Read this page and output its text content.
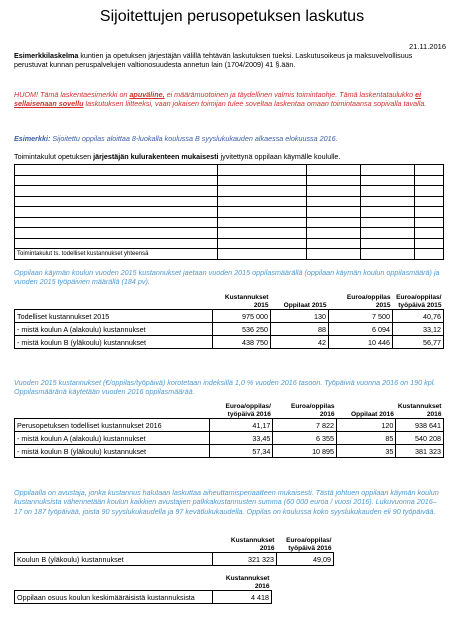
Sijoitettujen perusopetuksen laskutus
21.11.2016

Esimerkkilaskelma kuntien ja opetuksen järjestäjän välillä tehtävän laskutuksen tueksi. Laskutusoikeus ja maksuvelvollisuus perustuvat kunnan peruspalvelujen valtionosuudesta annetun lain (1704/2009) 41 §.ään.

HUOM! Tämä laskentaesimerkki on apuväline, ei määrämuotoinen ja täydellinen valmis toimintaohje. Tämä laskentataulukko ei sellaisenaan sovellu laskutuksen liitteeksi, vaan jokaisen toimijan tulee soveltaa laskentaa omaan toimintaansa sopivalla tavalla.

Esimerkki: Sijoitettu oppilas aloittaa 8-luokalla koulussa B syyslukukauden alkaessa elokuussa 2016.

Toimintakulut opetuksen järjestäjän kulurakenteen mukaisesti jyvitettynä oppilaan käymälle koululle.

Toimintakulut ts. todelliset kustannukset yhteensä				

Oppilaan käymän koulun vuoden 2015 kustannukset jaetaan vuoden 2015 oppilasmäärällä (oppilaan käymän koulun oppilasmäärä) ja vuoden 2015 työpäivien määrällä (184 pv).

	Kustannukset 2015	Oppilaat 2015	Euroa/oppilas 2015	Euroa/oppilas/ työpäivä 2015
Todelliset kustannukset 2015	975 000	130	7 500	40,76
- mistä koulun A (alakoulu) kustannukset	536 250	88	6 094	33,12
- mistä koulun B (yläkoulu) kustannukset	438 750	42	10 446	56,77

Vuoden 2015 kustannukset (€/oppilas/työpäivä) korotetaan indeksillä 1,0 % vuoden 2016 tasoon. Työpäiviä vuonna 2016 on 190 kpl. Oppilasmääränä käytetään vuoden 2016 oppilasmäärää.

	Euroa/oppilas/ työpäivä 2016	Euroa/oppilas 2016	Oppilaat 2016	Kustannukset 2016
Perusopetuksen todelliset kustannukset 2016	41,17	7 822	120	938 641
- mistä koulun A (alakoulu) kustannukset	33,45	6 355	85	540 208
- mistä koulun B (yläkoulu) kustannukset	57,34	10 895	35	381 323

Oppilaalla on avustaja, jonka kustannus halutaan laskuttaa aiheuttamisperiaatteen mukaisesti. Tästä johtuen oppilaan käymän koulun kustannuksista vähennetään koulun kaikkien avustajien palkkakustannusten summa (60 000 euroa / vuosi 2016). Lukuvuonna 2016–17 on 187 työpäivää, joista 90 syyslukukaudella ja 97 kevätlukukaudella. Oppilas on koulussa koko syyslukukauden eli 90 työpäivää.

	Kustannukset 2016	Euroa/oppilas/ työpäivä 2016
Koulun B (yläkoulu) kustannukset	321 323	49,09
	Kustannukset 2016
Oppilaan osuus koulun keskimääräisistä kustannuksista	4 418
